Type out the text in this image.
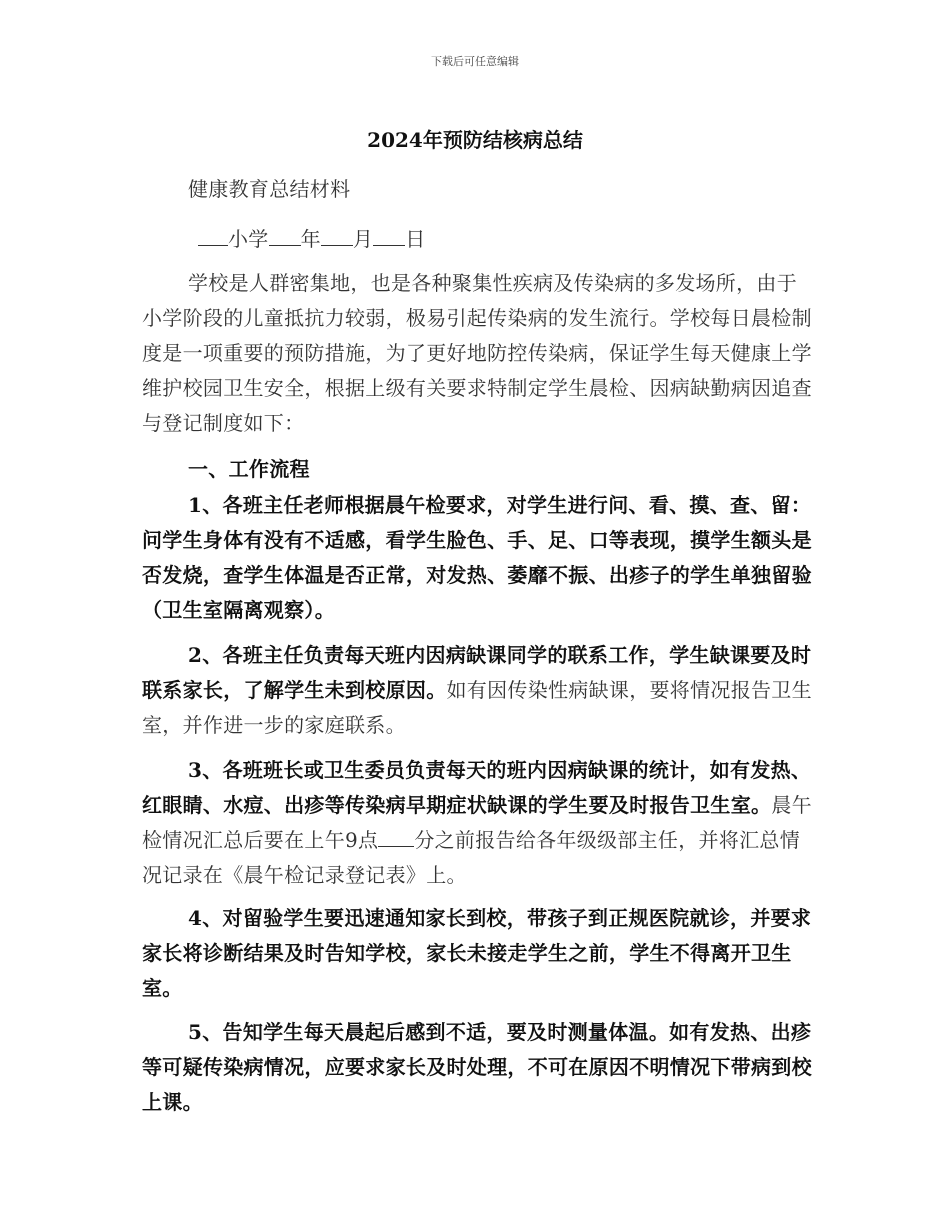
下载后可任意编辑
2024年预防结核病总结
健康教育总结材料
小学 年 月 日
学校是人群密集地，也是各种聚集性疾病及传染病的多发场所，由于小学阶段的儿童抵抗力较弱，极易引起传染病的发生流行。学校每日晨检制度是一项重要的预防措施，为了更好地防控传染病，保证学生每天健康上学维护校园卫生安全，根据上级有关要求特制定学生晨检、因病缺勤病因追查与登记制度如下：
一、工作流程
1、各班主任老师根据晨午检要求，对学生进行问、看、摸、查、留：问学生身体有没有不适感，看学生脸色、手、足、口等表现，摸学生额头是否发烧，查学生体温是否正常，对发热、萎靡不振、出疹子的学生单独留验（卫生室隔离观察）。
2、各班主任负责每天班内因病缺课同学的联系工作，学生缺课要及时联系家长，了解学生未到校原因。如有因传染性病缺课，要将情况报告卫生室，并作进一步的家庭联系。
3、各班班长或卫生委员负责每天的班内因病缺课的统计，如有发热、红眼睛、水痘、出疹等传染病早期症状缺课的学生要及时报告卫生室。晨午检情况汇总后要在上午9点 分之前报告给各年级级部主任，并将汇总情况记录在《晨午检记录登记表》上。
4、对留验学生要迅速通知家长到校，带孩子到正规医院就诊，并要求家长将诊断结果及时告知学校，家长未接走学生之前，学生不得离开卫生室。
5、告知学生每天晨起后感到不适，要及时测量体温。如有发热、出疹等可疑传染病情况，应要求家长及时处理，不可在原因不明情况下带病到校上课。
